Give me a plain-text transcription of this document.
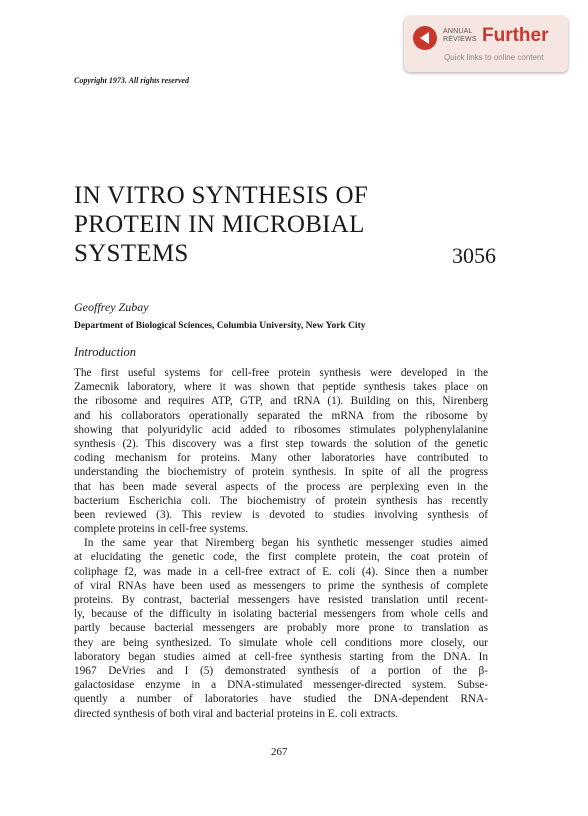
ANNUAL
REVIEWS Further
Quick links to online content
Copyright 1973. All rights reserved
IN VITRO SYNTHESIS OF
PROTEIN IN MICROBIAL
SYSTEMS	3056
Geoffrey Zubay
Department of Biological Sciences, Columbia University, New York City
Introduction
The first useful systems for cell-free protein synthesis were developed in the
Zamecnik laboratory, where it was shown that peptide synthesis takes place on
the ribosome and requires ATP, GTP, and tRNA (1). Building on this, Nirenberg
and his collaborators operationally separated the mRNA from the ribosome by
showing that polyuridylic acid added to ribosomes stimulates polyphenylalanine
synthesis (2). This discovery was a first step towards the solution of the genetic
coding mechanism for proteins. Many other laboratories have contributed to
understanding the biochemistry of protein synthesis. In spite of all the progress
that has been made several aspects of the process are perplexing even in the
bacterium Escherichia coli. The biochemistry of protein synthesis has recently
been reviewed (3). This review is devoted to studies involving synthesis of
complete proteins in cell-free systems.
In the same year that Niremberg began his synthetic messenger studies aimed
at elucidating the genetic code, the first complete protein, the coat protein of
coliphage f2, was made in a cell-free extract of E. coli (4). Since then a number
of viral RNAs have been used as messengers to prime the synthesis of complete
proteins. By contrast, bacterial messengers have resisted translation until recent-
ly, because of the difficulty in isolating bacterial messengers from whole cells and
partly because bacterial messengers are probably more prone to translation as
they are being synthesized. To simulate whole cell conditions more closely, our
laboratory began studies aimed at cell-free synthesis starting from the DNA. In
1967 DeVries and I (5) demonstrated synthesis of a portion of the β-
galactosidase enzyme in a DNA-stimulated messenger-directed system. Subse-
quently a number of laboratories have studied the DNA-dependent RNA-
directed synthesis of both viral and bacterial proteins in E. coli extracts.
267
